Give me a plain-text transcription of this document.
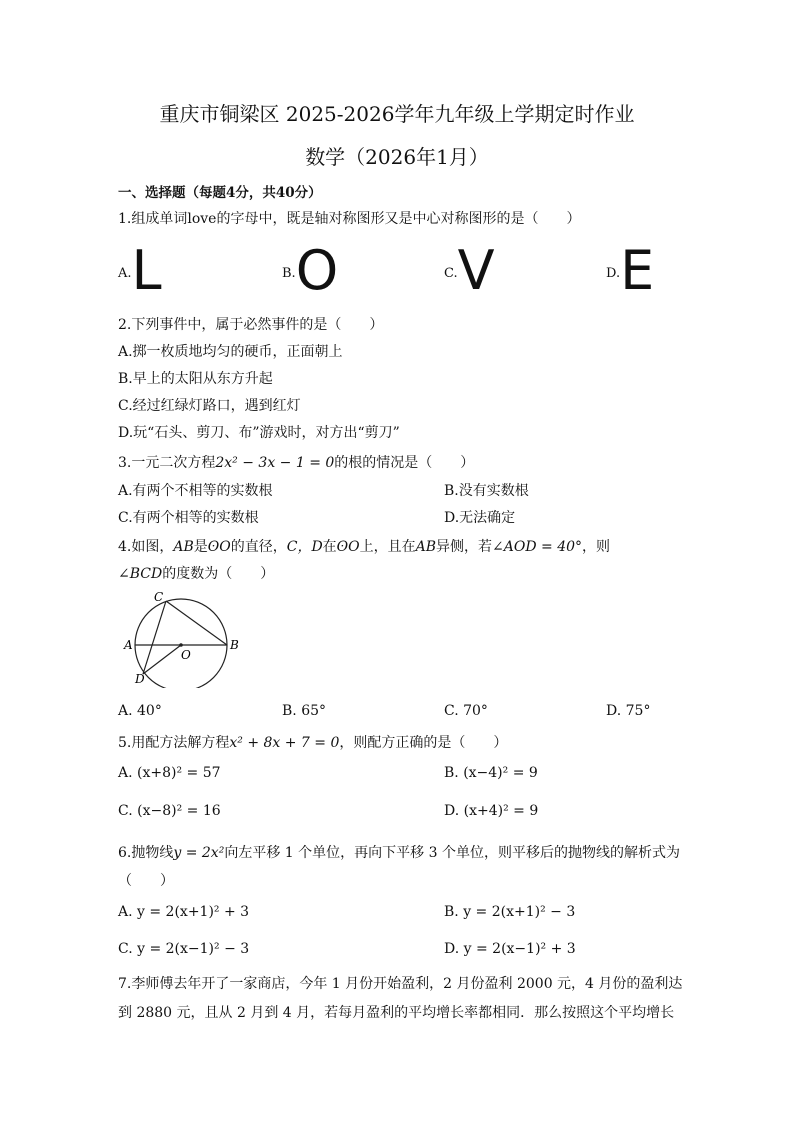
重庆市铜梁区 2025-2026学年九年级上学期定时作业
数学（2026年1月）
一、选择题（每题4分，共40分）
1.组成单词love的字母中，既是轴对称图形又是中心对称图形的是（　　）
A.L	B.O	C.V	D.E
2.下列事件中，属于必然事件的是（　　）
A.掷一枚质地均匀的硬币，正面朝上
B.早上的太阳从东方升起
C.经过红绿灯路口，遇到红灯
D.玩“石头、剪刀、布”游戏时，对方出“剪刀”
3.一元二次方程2x² − 3x − 1 = 0的根的情况是（　　）
A.有两个不相等的实数根	B.没有实数根
C.有两个相等的实数根	D.无法确定
4.如图，AB是ʘO的直径，C，D在ʘO上，且在AB异侧，若∠AOD = 40°，则
∠BCD的度数为（　　）
C
A	B
D
O
A. 40°	B. 65°	C. 70°	D. 75°
5.用配方法解方程x² + 8x + 7 = 0，则配方正确的是（　　）
A. (x+8)² = 57	B. (x−4)² = 9
C. (x−8)² = 16	D. (x+4)² = 9
6.抛物线y = 2x²向左平移 1 个单位，再向下平移 3 个单位，则平移后的抛物线的解析式为
（　　）
A. y = 2(x+1)² + 3	B. y = 2(x+1)² − 3
C. y = 2(x−1)² − 3	D. y = 2(x−1)² + 3
7.李师傅去年开了一家商店，今年 1 月份开始盈利，2 月份盈利 2000 元，4 月份的盈利达
到 2880 元，且从 2 月到 4 月，若每月盈利的平均增长率都相同．那么按照这个平均增长
